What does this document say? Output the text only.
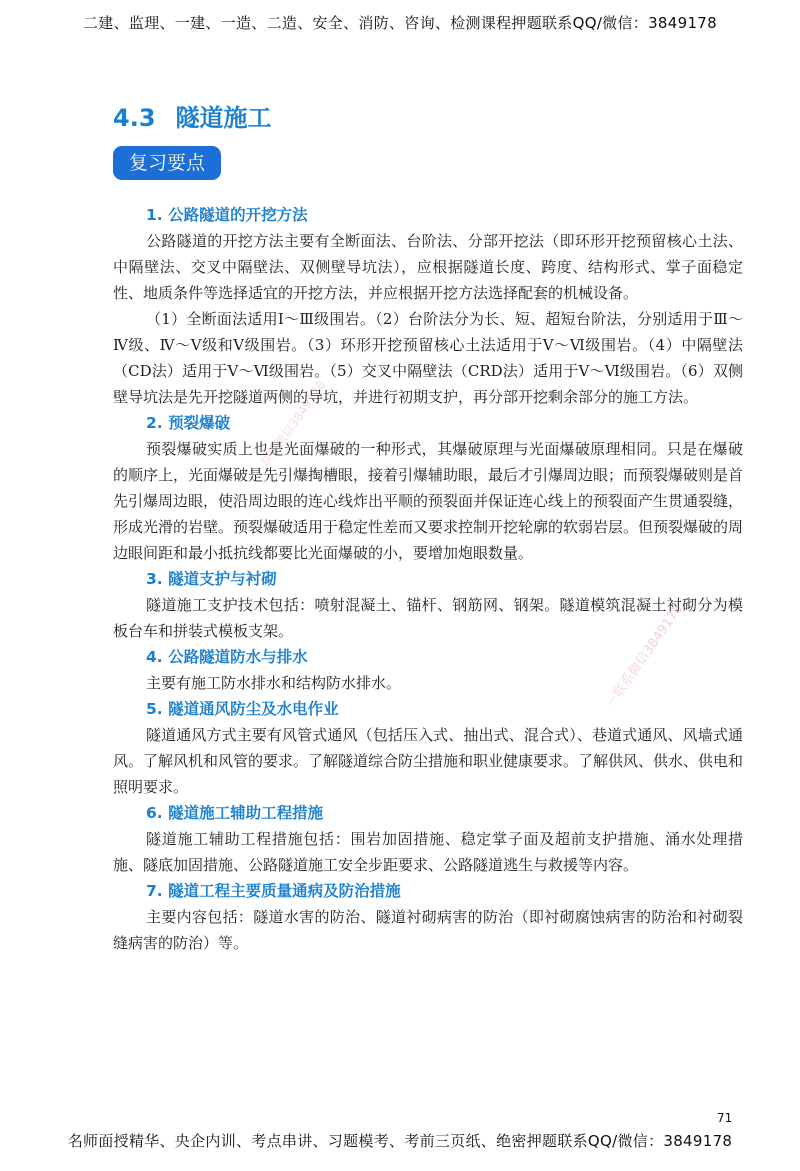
二建、监理、一建、一造、二造、安全、消防、咨询、检测课程押题联系QQ/微信：3849178
4.3 隧道施工
复习要点
1. 公路隧道的开挖方法

公路隧道的开挖方法主要有全断面法、台阶法、分部开挖法（即环形开挖预留核心土法、中隔壁法、交叉中隔壁法、双侧壁导坑法），应根据隧道长度、跨度、结构形式、掌子面稳定性、地质条件等选择适宜的开挖方法，并应根据开挖方法选择配套的机械设备。

（1）全断面法适用Ⅰ～Ⅲ级围岩。（2）台阶法分为长、短、超短台阶法，分别适用于Ⅲ～Ⅳ级、Ⅳ～Ⅴ级和Ⅴ级围岩。（3）环形开挖预留核心土法适用于Ⅴ～Ⅵ级围岩。（4）中隔壁法（CD法）适用于Ⅴ～Ⅵ级围岩。（5）交叉中隔壁法（CRD法）适用于Ⅴ～Ⅵ级围岩。（6）双侧壁导坑法是先开挖隧道两侧的导坑，并进行初期支护，再分部开挖剩余部分的施工方法。

2. 预裂爆破

预裂爆破实质上也是光面爆破的一种形式，其爆破原理与光面爆破原理相同。只是在爆破的顺序上，光面爆破是先引爆掏槽眼，接着引爆辅助眼，最后才引爆周边眼；而预裂爆破则是首先引爆周边眼，使沿周边眼的连心线炸出平顺的预裂面并保证连心线上的预裂面产生贯通裂缝，形成光滑的岩壁。预裂爆破适用于稳定性差而又要求控制开挖轮廓的软弱岩层。但预裂爆破的周边眼间距和最小抵抗线都要比光面爆破的小，要增加炮眼数量。

3. 隧道支护与衬砌

隧道施工支护技术包括：喷射混凝土、锚杆、钢筋网、钢架。隧道模筑混凝土衬砌分为模板台车和拼装式模板支架。

4. 公路隧道防水与排水

主要有施工防水排水和结构防水排水。

5. 隧道通风防尘及水电作业

隧道通风方式主要有风管式通风（包括压入式、抽出式、混合式）、巷道式通风、风墙式通风。了解风机和风管的要求。了解隧道综合防尘措施和职业健康要求。了解供风、供水、供电和照明要求。

6. 隧道施工辅助工程措施

隧道施工辅助工程措施包括：围岩加固措施、稳定掌子面及超前支护措施、涌水处理措施、隧底加固措施、公路隧道施工安全步距要求、公路隧道逃生与救援等内容。

7. 隧道工程主要质量通病及防治措施

主要内容包括：隧道水害的防治、隧道衬砌病害的防治（即衬砌腐蚀病害的防治和衬砌裂缝病害的防治）等。

一联系微信3849178
一联系微信3849178
71
名师面授精华、央企内训、考点串讲、习题模考、考前三页纸、绝密押题联系QQ/微信：3849178
